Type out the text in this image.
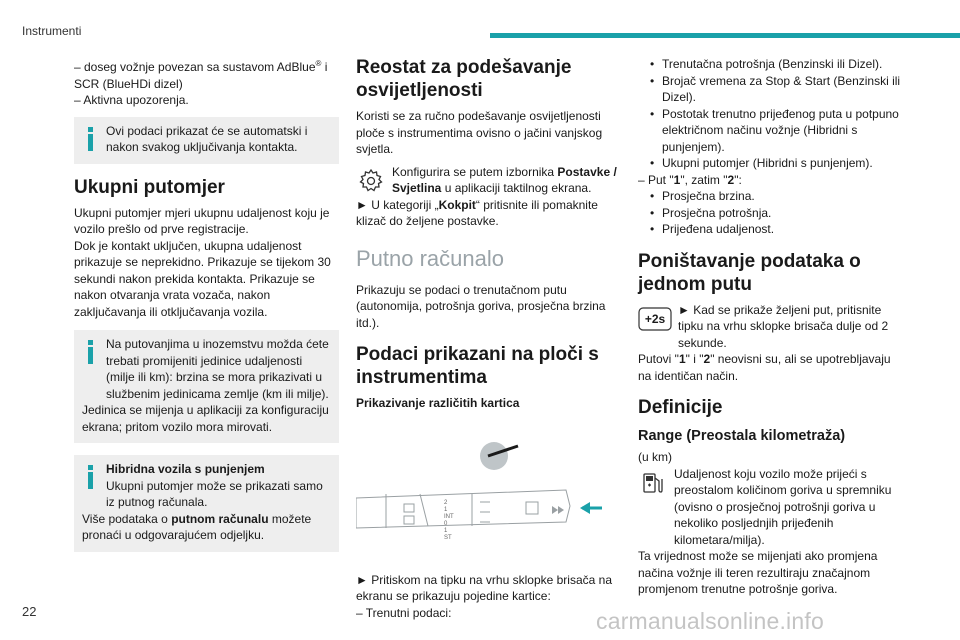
Instrumenti

– doseg vožnje povezan sa sustavom AdBlue® i

SCR (BlueHDi dizel)

– Aktivna upozorenja.

Ovi podaci prikazat će se automatski i nakon svakog uključivanja kontakta.
Ukupni putomjer

Ukupni putomjer mjeri ukupnu udaljenost koju je vozilo prešlo od prve registracije.

Dok je kontakt uključen, ukupna udaljenost prikazuje se neprekidno. Prikazuje se tijekom 30 sekundi nakon prekida kontakta. Prikazuje se nakon otvaranja vrata vozača, nakon zaključavanja ili otključavanja vozila.

Na putovanjima u inozemstvu možda ćete trebati promijeniti jedinice udaljenosti (milje ili km): brzina se mora prikazivati u službenim jedinicama zemlje (km ili milje).
Jedinica se mijenja u aplikaciji za konfiguraciju ekrana; pritom vozilo mora mirovati.
Hibridna vozila s punjenjem
Ukupni putomjer može se prikazati samo iz putnog računala.
Više podataka o putnom računalu možete pronaći u odgovarajućem odjeljku.
Reostat za podešavanje osvijetljenosti

Koristi se za ručno podešavanje osvijetljenosti ploče s instrumentima ovisno o jačini vanjskog svjetla.

Konfigurira se putem izbornika Postavke / Svjetlina u aplikaciji taktilnog ekrana.

► U kategoriji „Kokpit“ pritisnite ili pomaknite klizač do željene postavke.

Putno računalo

Prikazuju se podaci o trenutačnom putu (autonomija, potrošnja goriva, prosječna brzina itd.).

Podaci prikazani na ploči s instrumentima

Prikazivanje različitih kartica

2
1
INT
0
1
ST

► Pritiskom na tipku na vrhu sklopke brisača na ekranu se prikazuju pojedine kartice:

– Trenutni podaci:

• Trenutačna potrošnja (Benzinski ili Dizel).
• Brojač vremena za Stop & Start (Benzinski ili Dizel).
• Postotak trenutno prijeđenog puta u potpuno električnom načinu vožnje (Hibridni s punjenjem).
• Ukupni putomjer (Hibridni s punjenjem).

– Put "1", zatim "2":

• Prosječna brzina.
• Prosječna potrošnja.
• Prijeđena udaljenost.
Poništavanje podataka o jednom putu
+2s
► Kad se prikaže željeni put, pritisnite tipku na vrhu sklopke brisača dulje od 2 sekunde.

Putovi "1" i "2" neovisni su, ali se upotrebljavaju na identičan način.

Definicije
Range (Preostala kilometraža)

(u km)

Udaljenost koju vozilo može prijeći s preostalom količinom goriva u spremniku (ovisno o prosječnoj potrošnji goriva u nekoliko posljednjih prijeđenih kilometara/milja).

Ta vrijednost može se mijenjati ako promjena načina vožnje ili teren rezultiraju značajnom promjenom trenutne potrošnje goriva.

22	carmanualsonline.info
